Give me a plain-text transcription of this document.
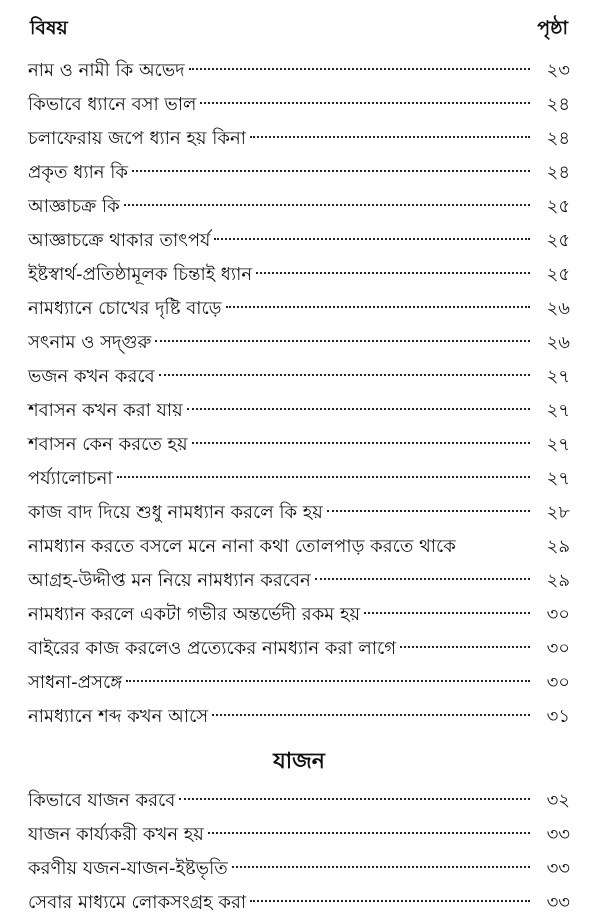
বিষয়	পৃষ্ঠা
নাম ও নামী কি অভেদ	২৩
কিভাবে ধ্যানে বসা ভাল	২৪
চলাফেরায় জপে ধ্যান হয় কিনা	২৪
প্রকৃত ধ্যান কি	২৪
আজ্ঞাচক্র কি	২৫
আজ্ঞাচক্রে থাকার তাৎপর্য	২৫
ইষ্টস্বার্থ-প্রতিষ্ঠামূলক চিন্তাই ধ্যান	২৫
নামধ্যানে চোখের দৃষ্টি বাড়ে	২৬
সৎনাম ও সদ্গুরু	২৬
ভজন কখন করবে	২৭
শবাসন কখন করা যায়	২৭
শবাসন কেন করতে হয়	২৭
পর্য্যালোচনা	২৭
কাজ বাদ দিয়ে শুধু নামধ্যান করলে কি হয়	২৮
নামধ্যান করতে বসলে মনে নানা কথা তোলপাড় করতে থাকে	২৯
আগ্রহ-উদ্দীপ্ত মন নিয়ে নামধ্যান করবেন	২৯
নামধ্যান করলে একটা গভীর অন্তর্ভেদী রকম হয়	৩০
বাইরের কাজ করলেও প্রত্যেকের নামধ্যান করা লাগে	৩০
সাধনা-প্রসঙ্গে	৩০
নামধ্যানে শব্দ কখন আসে	৩১
যাজন
কিভাবে যাজন করবে	৩২
যাজন কার্য্যকরী কখন হয়	৩৩
করণীয় যজন-যাজন-ইষ্টভৃতি	৩৩
সেবার মাধ্যমে লোকসংগ্রহ করা	৩৩
